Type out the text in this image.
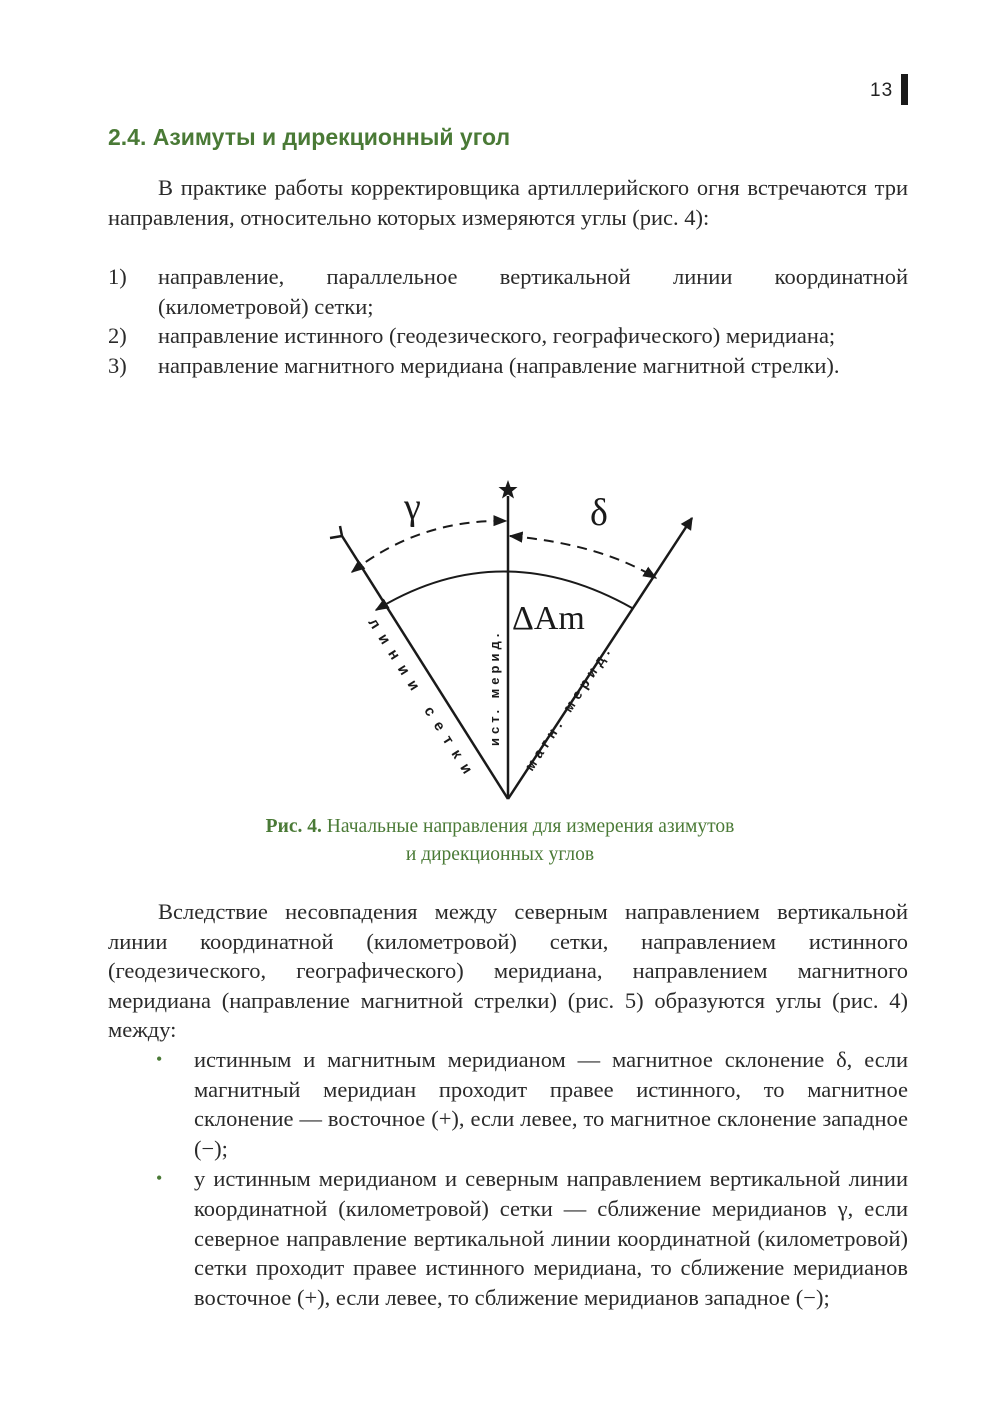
13
2.4. Азимуты и дирекционный угол

В практике работы корректировщика артиллерийского огня встречаются три направления, относительно которых измеряются углы (рис. 4):

1) направление, параллельное вертикальной линии координатной (километровой) сетки;
2) направление истинного (геодезического, географического) меридиана;
3) направление магнитного меридиана (направление магнитной стрелки).
γ	δ
ΔAm
линии сетки ист. мерид. магн. мерид.

Рис. 4. Начальные направления для измерения азимутов
и дирекционных углов

Вследствие несовпадения между северным направлением вертикальной линии координатной (километровой) сетки, направлением истинного (геодезического, географического) меридиана, направлением магнитного меридиана (направление магнитной стрелки) (рис. 5) образуются углы (рис. 4) между:

• истинным и магнитным меридианом — магнитное склонение δ, если магнитный меридиан проходит правее истинного, то магнитное склонение — восточное (+), если левее, то магнитное склонение западное (−);
• у истинным меридианом и северным направлением вертикальной линии координатной (километровой) сетки — сближение меридианов γ, если северное направление вертикальной линии координатной (километровой) сетки проходит правее истинного меридиана, то сближение меридианов восточное (+), если левее, то сближение меридианов западное (−);
